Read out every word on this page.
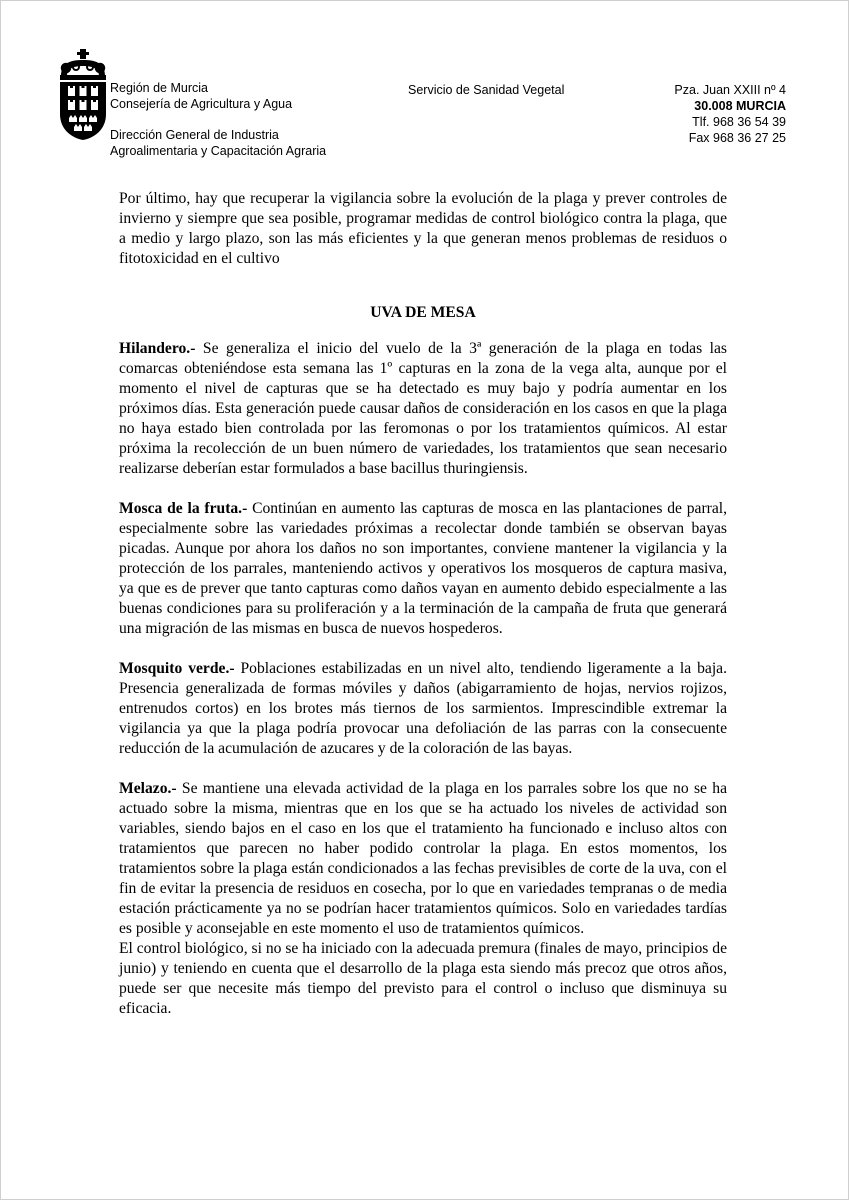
Región de Murcia
Consejería de Agricultura y Agua
Dirección General de Industria
Agroalimentaria y Capacitación Agraria
Servicio de Sanidad Vegetal	Pza. Juan XXIII nº 4
30.008 MURCIA
Tlf. 968 36 54 39
Fax 968 36 27 25

Por último, hay que recuperar la vigilancia sobre la evolución de la plaga y prever controles de invierno y siempre que sea posible, programar medidas de control biológico contra la plaga, que a medio y largo plazo, son las más eficientes y la que generan menos problemas de residuos o fitotoxicidad en el cultivo

UVA DE MESA

Hilandero.- Se generaliza el inicio del vuelo de la 3ª generación de la plaga en todas las comarcas obteniéndose esta semana las 1º capturas en la zona de la vega alta, aunque por el momento el nivel de capturas que se ha detectado es muy bajo y podría aumentar en los próximos días. Esta generación puede causar daños de consideración en los casos en que la plaga no haya estado bien controlada por las feromonas o por los tratamientos químicos. Al estar próxima la recolección de un buen número de variedades, los tratamientos que sean necesario realizarse deberían estar formulados a base bacillus thuringiensis.

Mosca de la fruta.- Continúan en aumento las capturas de mosca en las plantaciones de parral, especialmente sobre las variedades próximas a recolectar donde también se observan bayas picadas. Aunque por ahora los daños no son importantes, conviene mantener la vigilancia y la protección de los parrales, manteniendo activos y operativos los mosqueros de captura masiva, ya que es de prever que tanto capturas como daños vayan en aumento debido especialmente a las buenas condiciones para su proliferación y a la terminación de la campaña de fruta que generará una migración de las mismas en busca de nuevos hospederos.

Mosquito verde.- Poblaciones estabilizadas en un nivel alto, tendiendo ligeramente a la baja. Presencia generalizada de formas móviles y daños (abigarramiento de hojas, nervios rojizos, entrenudos cortos) en los brotes más tiernos de los sarmientos. Imprescindible extremar la vigilancia ya que la plaga podría provocar una defoliación de las parras con la consecuente reducción de la acumulación de azucares y de la coloración de las bayas.

Melazo.- Se mantiene una elevada actividad de la plaga en los parrales sobre los que no se ha actuado sobre la misma, mientras que en los que se ha actuado los niveles de actividad son variables, siendo bajos en el caso en los que el tratamiento ha funcionado e incluso altos con tratamientos que parecen no haber podido controlar la plaga. En estos momentos, los tratamientos sobre la plaga están condicionados a las fechas previsibles de corte de la uva, con el fin de evitar la presencia de residuos en cosecha, por lo que en variedades tempranas o de media estación prácticamente ya no se podrían hacer tratamientos químicos. Solo en variedades tardías es posible y aconsejable en este momento el uso de tratamientos químicos.

El control biológico, si no se ha iniciado con la adecuada premura (finales de mayo, principios de junio) y teniendo en cuenta que el desarrollo de la plaga esta siendo más precoz que otros años, puede ser que necesite más tiempo del previsto para el control o incluso que disminuya su eficacia.
